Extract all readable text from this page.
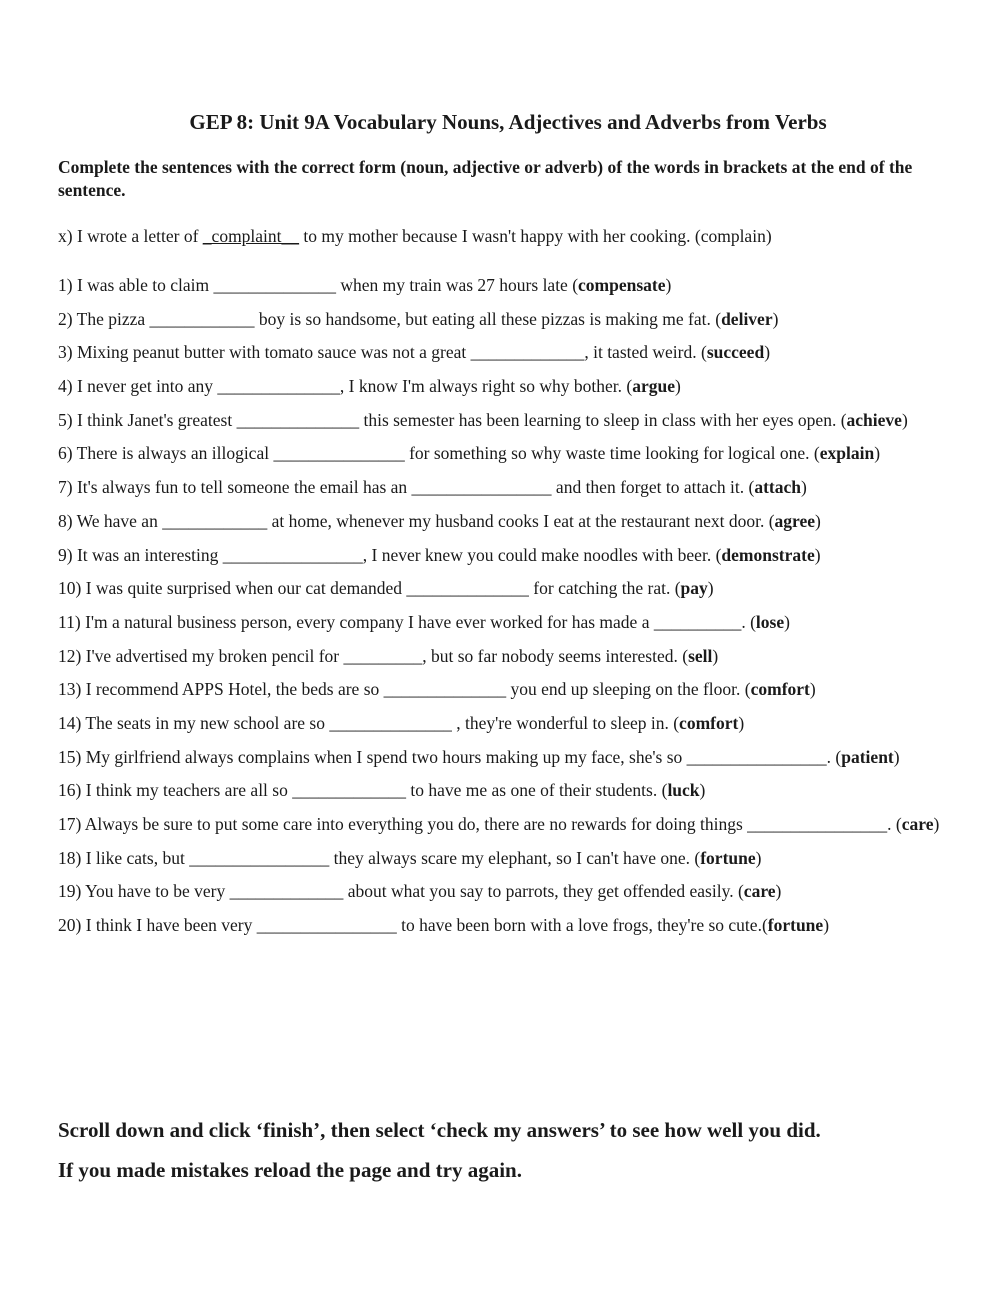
GEP 8: Unit 9A Vocabulary Nouns, Adjectives and Adverbs from Verbs
Complete the sentences with the correct form (noun, adjective or adverb) of the words in brackets at the end of the sentence.
x) I wrote a letter of _complaint__ to my mother because I wasn't happy with her cooking. (complain)
1) I was able to claim ______________ when my train was 27 hours late (compensate)
2) The pizza ____________ boy is so handsome, but eating all these pizzas is making me fat. (deliver)
3) Mixing peanut butter with tomato sauce was not a great _____________, it tasted weird. (succeed)
4) I never get into any ______________, I know I'm always right so why bother. (argue)
5) I think Janet's greatest ______________ this semester has been learning to sleep in class with her eyes open. (achieve)
6) There is always an illogical _______________ for something so why waste time looking for logical one. (explain)
7) It's always fun to tell someone the email has an ________________ and then forget to attach it. (attach)
8) We have an ____________ at home, whenever my husband cooks I eat at the restaurant next door. (agree)
9) It was an interesting ________________, I never knew you could make noodles with beer. (demonstrate)
10) I was quite surprised when our cat demanded ______________ for catching the rat. (pay)
11) I'm a natural business person, every company I have ever worked for has made a __________. (lose)
12) I've advertised my broken pencil for _________, but so far nobody seems interested. (sell)
13) I recommend APPS Hotel, the beds are so ______________ you end up sleeping on the floor. (comfort)
14) The seats in my new school are so ______________ , they're wonderful to sleep in. (comfort)
15) My girlfriend always complains when I spend two hours making up my face, she's so ________________. (patient)
16) I think my teachers are all so _____________ to have me as one of their students. (luck)
17) Always be sure to put some care into everything you do, there are no rewards for doing things ________________. (care)
18) I like cats, but ________________ they always scare my elephant, so I can't have one. (fortune)
19) You have to be very _____________ about what you say to parrots, they get offended easily. (care)
20) I think I have been very ________________ to have been born with a love frogs, they're so cute.(fortune)
Scroll down and click ‘finish’, then select ‘check my answers’ to see how well you did.
If you made mistakes reload the page and try again.
